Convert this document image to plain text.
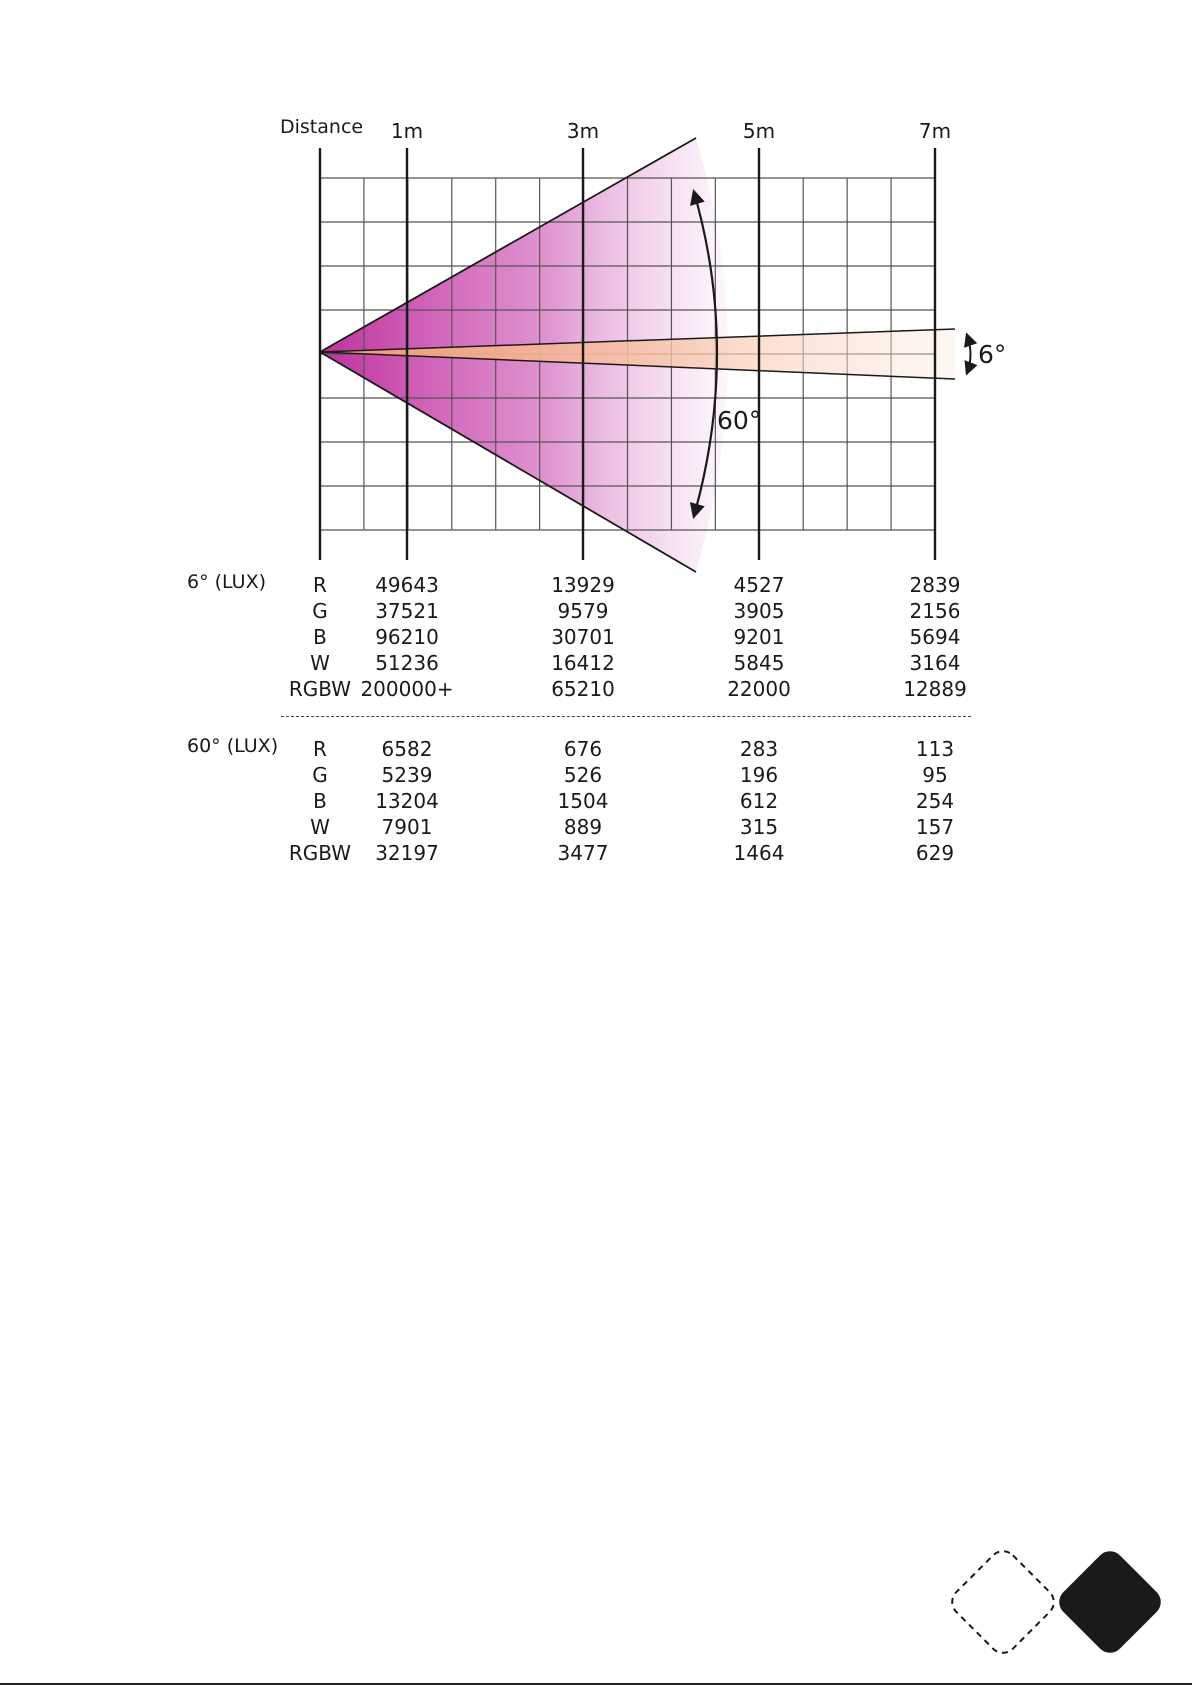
Distance 1m	3m	5m	7m
60°
6°
6° (LUX) R 49643	13929	4527	2839
G 37521	9579	3905	2156
B 96210	30701	9201	5694
W 51236	16412	5845	3164
RGBW 200000+	65210	22000	12889
60° (LUX) R	6582	676	283	113
G	5239	526	196	95
B 13204	1504	612	254
W	7901	889	315	157
RGBW 32197	3477	1464	629
